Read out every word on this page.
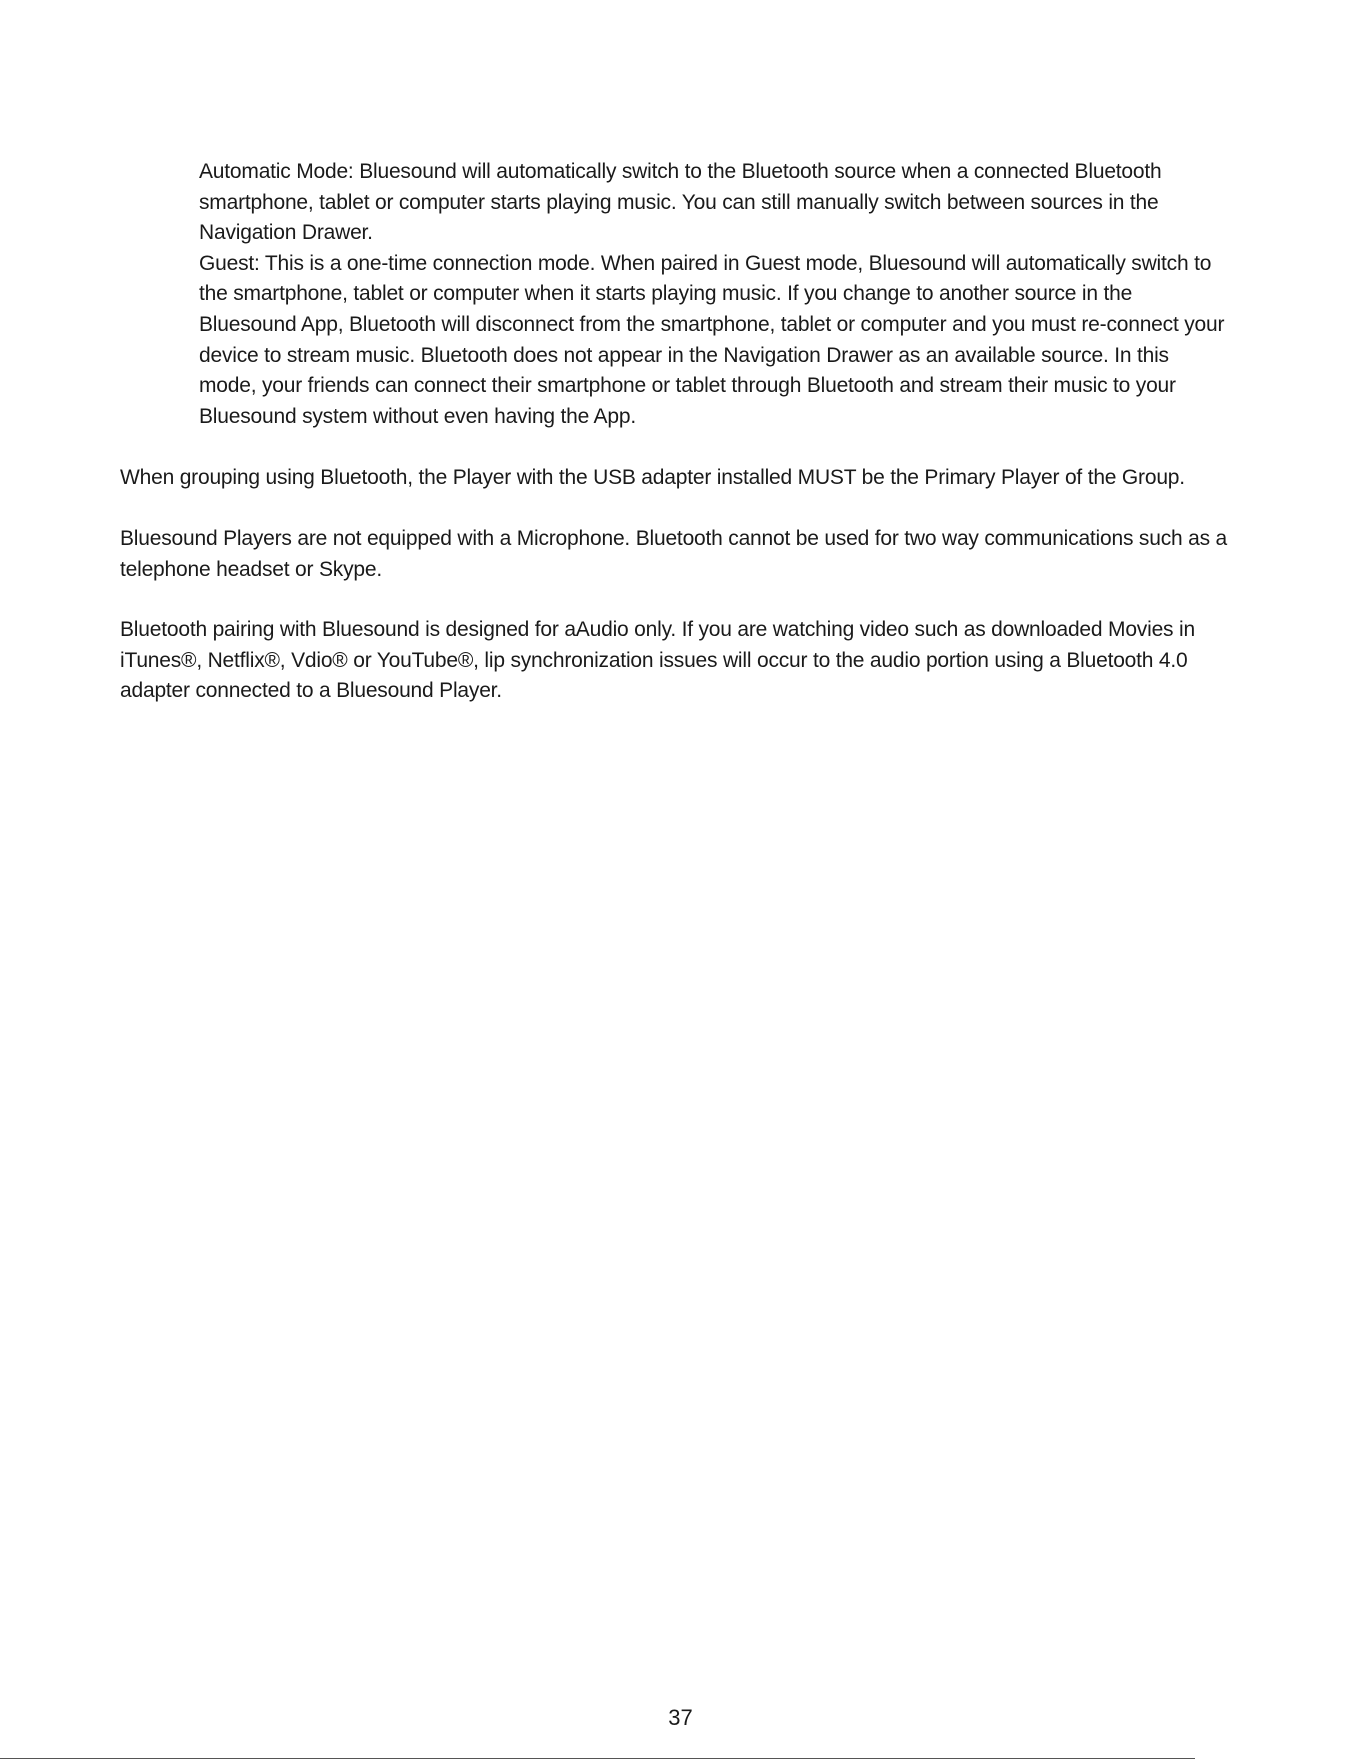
Automatic Mode: Bluesound will automatically switch to the Bluetooth source when a connected Bluetooth smartphone, tablet or computer starts playing music. You can still manually switch between sources in the Navigation Drawer.

Guest: This is a one-time connection mode. When paired in Guest mode, Bluesound will automatically switch to the smartphone, tablet or computer when it starts playing music. If you change to another source in the Bluesound App, Bluetooth will disconnect from the smartphone, tablet or computer and you must re-connect your device to stream music. Bluetooth does not appear in the Navigation Drawer as an available source. In this mode, your friends can connect their smartphone or tablet through Bluetooth and stream their music to your Bluesound system without even having the App.

When grouping using Bluetooth, the Player with the USB adapter installed MUST be the Primary Player of the Group.

Bluesound Players are not equipped with a Microphone. Bluetooth cannot be used for two way communications such as a telephone headset or Skype.

Bluetooth pairing with Bluesound is designed for aAudio only. If you are watching video such as downloaded Movies in iTunes®, Netflix®, Vdio® or YouTube®, lip synchronization issues will occur to the audio portion using a Bluetooth 4.0 adapter connected to a Bluesound Player.

37
